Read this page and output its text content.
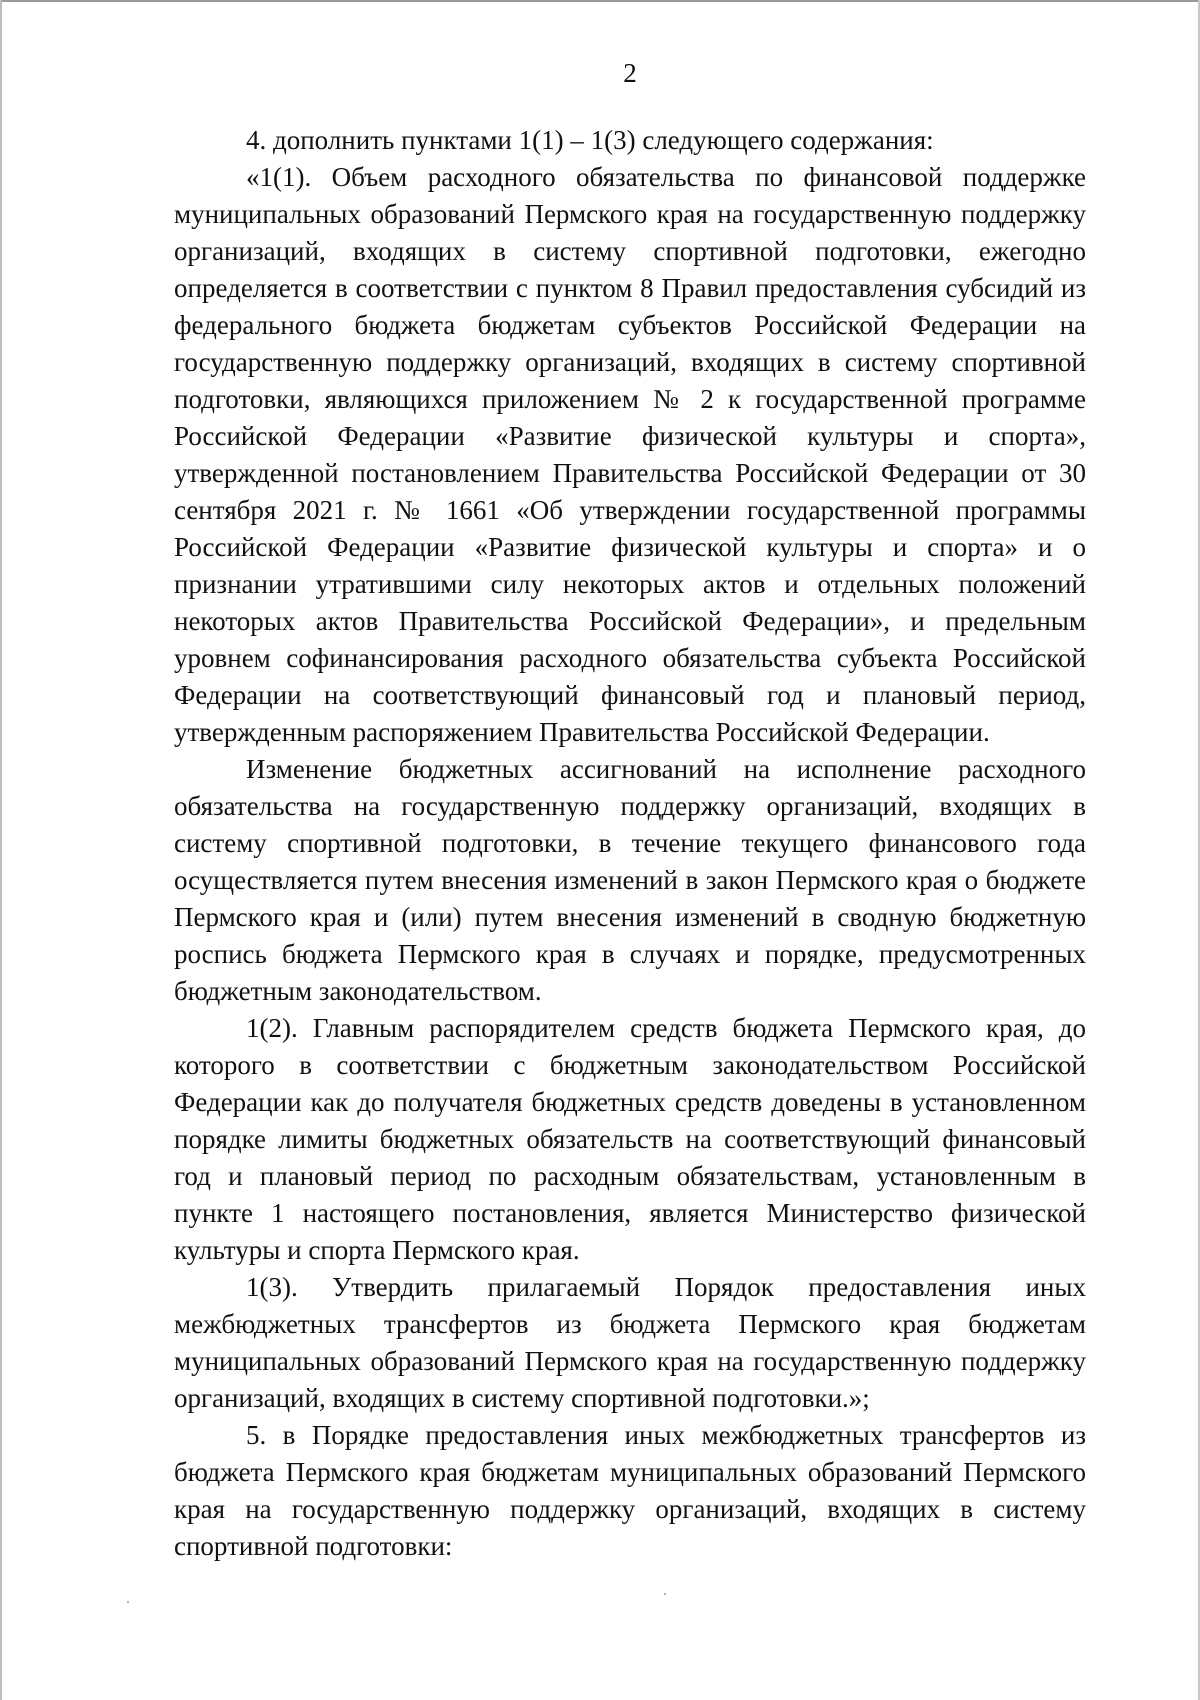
2

4. дополнить пунктами 1(1) – 1(3) следующего содержания:

«1(1). Объем расходного обязательства по финансовой поддержке муниципальных образований Пермского края на государственную поддержку организаций, входящих в систему спортивной подготовки, ежегодно определяется в соответствии с пунктом 8 Правил предоставления субсидий из федерального бюджета бюджетам субъектов Российской Федерации на государственную поддержку организаций, входящих в систему спортивной подготовки, являющихся приложением № 2 к государственной программе Российской Федерации «Развитие физической культуры и спорта», утвержденной постановлением Правительства Российской Федерации от 30 сентября 2021 г. № 1661 «Об утверждении государственной программы Российской Федерации «Развитие физической культуры и спорта» и о признании утратившими силу некоторых актов и отдельных положений некоторых актов Правительства Российской Федерации», и предельным уровнем софинансирования расходного обязательства субъекта Российской Федерации на соответствующий финансовый год и плановый период, утвержденным распоряжением Правительства Российской Федерации.

Изменение бюджетных ассигнований на исполнение расходного обязательства на государственную поддержку организаций, входящих в систему спортивной подготовки, в течение текущего финансового года осуществляется путем внесения изменений в закон Пермского края о бюджете Пермского края и (или) путем внесения изменений в сводную бюджетную роспись бюджета Пермского края в случаях и порядке, предусмотренных бюджетным законодательством.

1(2). Главным распорядителем средств бюджета Пермского края, до которого в соответствии с бюджетным законодательством Российской Федерации как до получателя бюджетных средств доведены в установленном порядке лимиты бюджетных обязательств на соответствующий финансовый год и плановый период по расходным обязательствам, установленным в пункте 1 настоящего постановления, является Министерство физической культуры и спорта Пермского края.

1(3). Утвердить прилагаемый Порядок предоставления иных межбюджетных трансфертов из бюджета Пермского края бюджетам муниципальных образований Пермского края на государственную поддержку организаций, входящих в систему спортивной подготовки.»;

5. в Порядке предоставления иных межбюджетных трансфертов из бюджета Пермского края бюджетам муниципальных образований Пермского края на государственную поддержку организаций, входящих в систему спортивной подготовки:
